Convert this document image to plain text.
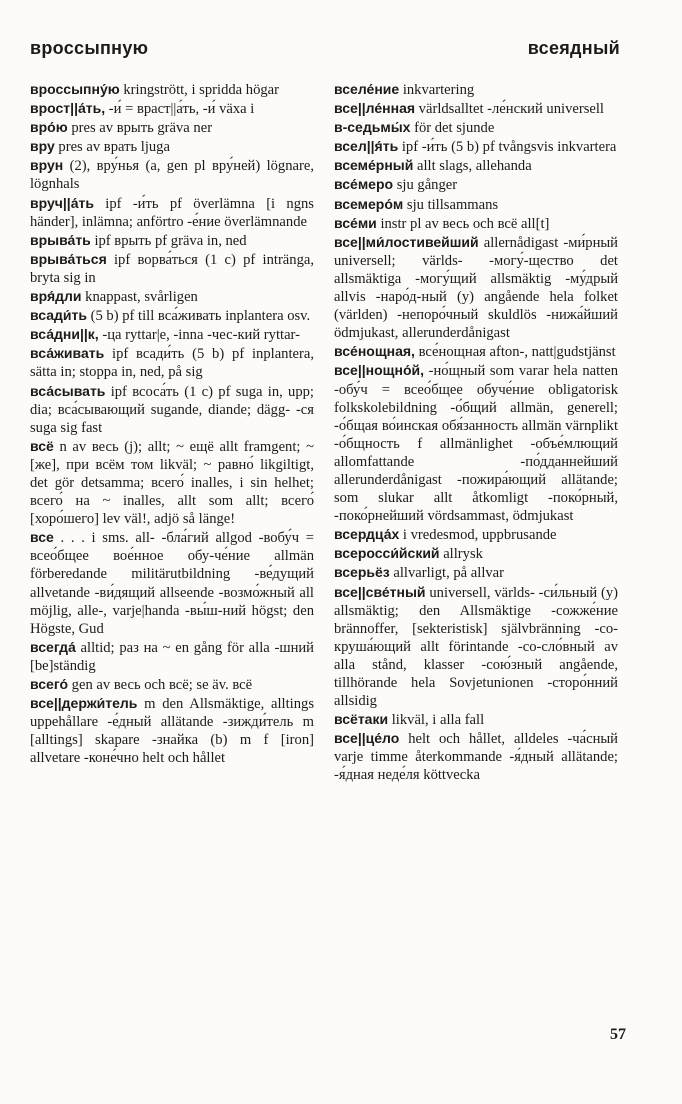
вроссыпную	всеядный

вроссыпну́ю kringstrött, i spridda högar

врост||а́ть, -и́ = враст||а́ть, -и́ växa i

вро́ю pres av врыть gräva ner

вру pres av врать ljuga

врун (2), вру́нья (a, gen pl вру́ней) lögnare, lögnhals

вруч||а́ть ipf -и́ть pf överlämna [i ngns händer], inlämna; anförtro -е́ние överlämnande

врыва́ть ipf врыть pf gräva in, ned

врыва́ться ipf ворва́ться (1 c) pf intränga, bryta sig in

вря́дли knappast, svårligen

всади́ть (5 b) pf till вса́живать inplantera osv.

вса́дни||к, -ца ryttar|e, -inna -чес-кий ryttar-

вса́живать ipf всади́ть (5 b) pf inplantera, sätta in; stoppa in, ned, på sig

вса́сывать ipf всоса́ть (1 c) pf suga in, upp; dia; вса́сывающий sugande, diande; dägg- -ся suga sig fast

всё n av весь (j); allt; ~ ещё allt framgent; ~ [же], при всём том likväl; ~ равно́ likgiltigt, det gör detsamma; всего́ inalles, i sin helhet; всего́ на ~ inalles, allt som allt; всего́ [хоро́шего] lev väl!, adjö så länge!

все . . . i sms. all- -бла́гий allgod -вобу́ч = всео́бщее вое́нное обу-че́ние allmän förberedande militärutbildning -ве́дущий allvetande -ви́дящий allseende -возмо́жный all möjlig, alle-, varje|handa -вы́ш-ний högst; den Högste, Gud

всегда́ alltid; раз на ~ en gång för alla -шний [be]ständig

всего́ gen av весь och всё; se äv. всё

все||держи́тель m den Allsmäktige, alltings uppehållare -е́дный allätande -зижди́тель m [alltings] skapare -знайка (b) m f [iron] allvetare -коне́чно helt och hållet

вселе́ние inkvartering

все||ле́нная världsalltet -ле́нский universell

в-седьмы́х för det sjunde

всел||я́ть ipf -и́ть (5 b) pf tvångsvis inkvartera

всеме́рный allt slags, allehanda

все́меро sju gånger

всемеро́м sju tillsammans

все́ми instr pl av весь och всё all[t]

все||ми́лостивейший allernådigast -ми́рный universell; världs- -могу́-щество det allsmäktiga -могу́щий allsmäktig -му́дрый allvis -наро́д-ный (y) angående hela folket (världen) -непоро́чный skuldlös -нижа́йший ödmjukast, allerunderdånigast

все́нощная, все́нощная afton-, natt|gudstjänst

все||нощно́й, -но́щный som varar hela natten -обу́ч = всео́бщее обуче́ние obligatorisk folkskolebildning -о́бщий allmän, generell; -о́бщая во́инская обя́занность allmän värnplikt -о́бщность f allmänlighet -объе́млющий allomfattande -по́дданнейший allerunderdånigast -пожира́ющий allätande; som slukar allt åtkomligt -поко́рный, -поко́рнейший vördsammast, ödmjukast

всердца́х i vredesmod, uppbrusande

всеросси́йский allrysk

всерьёз allvarligt, på allvar

все||све́тный universell, världs- -си́льный (y) allsmäktig; den Allsmäktige -сожже́ние brännoffer, [sekteristisk] självbränning -со-круша́ющий allt förintande -со-сло́вный av alla stånd, klasser -сою́зный angående, tillhörande hela Sovjetunionen -сторо́нний allsidig

всётаки likväl, i alla fall

все||це́ло helt och hållet, alldeles -ча́сный varje timme återkommande -я́дный allätande; -я́дная неде́ля köttvecka

57
